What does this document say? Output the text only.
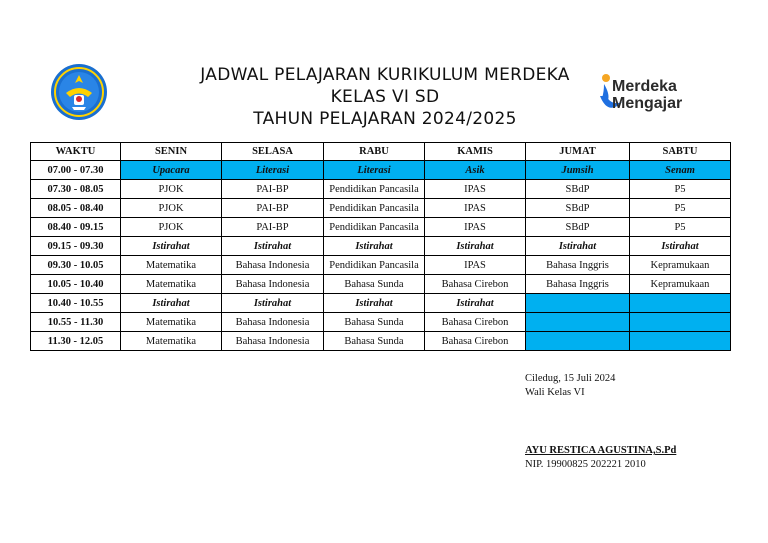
JADWAL PELAJARAN KURIKULUM MERDEKA
KELAS VI SD
TAHUN PELAJARAN 2024/2025
Merdeka
Mengajar
WAKTU	SENIN	SELASA	RABU	KAMIS	JUMAT	SABTU
07.00 - 07.30	Upacara	Literasi	Literasi	Asik	Jumsih	Senam
07.30 - 08.05	PJOK	PAI-BP	Pendidikan Pancasila	IPAS	SBdP	P5
08.05 - 08.40	PJOK	PAI-BP	Pendidikan Pancasila	IPAS	SBdP	P5
08.40 - 09.15	PJOK	PAI-BP	Pendidikan Pancasila	IPAS	SBdP	P5
09.15 - 09.30	Istirahat	Istirahat	Istirahat	Istirahat	Istirahat	Istirahat
09.30 - 10.05	Matematika	Bahasa Indonesia	Pendidikan Pancasila	IPAS	Bahasa Inggris	Kepramukaan
10.05 - 10.40	Matematika	Bahasa Indonesia	Bahasa Sunda	Bahasa Cirebon	Bahasa Inggris	Kepramukaan
10.40 - 10.55	Istirahat	Istirahat	Istirahat	Istirahat		
10.55 - 11.30	Matematika	Bahasa Indonesia	Bahasa Sunda	Bahasa Cirebon		
11.30 - 12.05	Matematika	Bahasa Indonesia	Bahasa Sunda	Bahasa Cirebon		
Ciledug, 15 Juli 2024
Wali Kelas VI
AYU RESTICA AGUSTINA,S.Pd
NIP. 19900825 202221 2010
